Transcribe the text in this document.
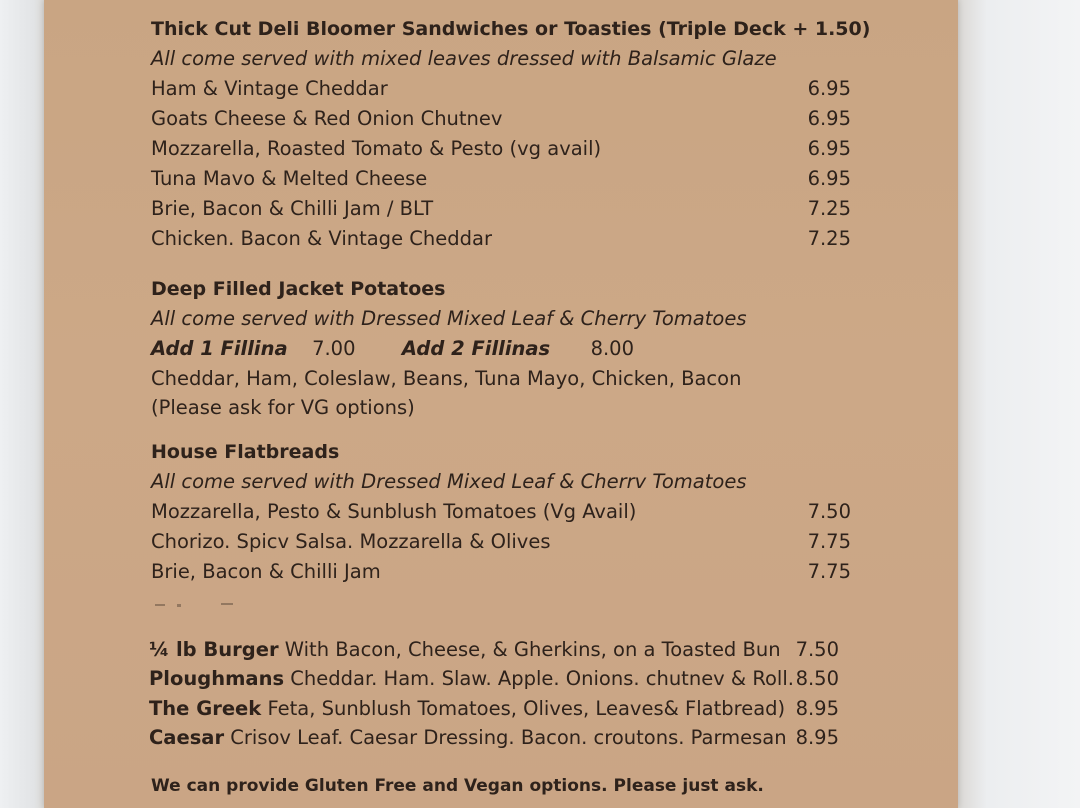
Thick Cut Deli Bloomer Sandwiches or Toasties (Triple Deck + 1.50)
All come served with mixed leaves dressed with Balsamic Glaze
Ham & Vintage Cheddar	6.95
Goats Cheese & Red Onion Chutnev	6.95
Mozzarella, Roasted Tomato & Pesto (vg avail)	6.95
Tuna Mavo & Melted Cheese	6.95
Brie, Bacon & Chilli Jam / BLT	7.25
Chicken. Bacon & Vintage Cheddar	7.25
Deep Filled Jacket Potatoes
All come served with Dressed Mixed Leaf & Cherry Tomatoes
Add 1 Fillina 7.00 Add 2 Fillinas 8.00
Cheddar, Ham, Coleslaw, Beans, Tuna Mayo, Chicken, Bacon
(Please ask for VG options)
House Flatbreads
All come served with Dressed Mixed Leaf & Cherrv Tomatoes
Mozzarella, Pesto & Sunblush Tomatoes (Vg Avail)	7.50
Chorizo. Spicv Salsa. Mozzarella & Olives	7.75
Brie, Bacon & Chilli Jam	7.75
¼ lb Burger With Bacon, Cheese, & Gherkins, on a Toasted Bun 7.50
Ploughmans Cheddar. Ham. Slaw. Apple. Onions. chutnev & Roll. 8.50
The Greek Feta, Sunblush Tomatoes, Olives, Leaves& Flatbread) 8.95
Caesar Crisov Leaf. Caesar Dressing. Bacon. croutons. Parmesan 8.95
We can provide Gluten Free and Vegan options. Please just ask.
